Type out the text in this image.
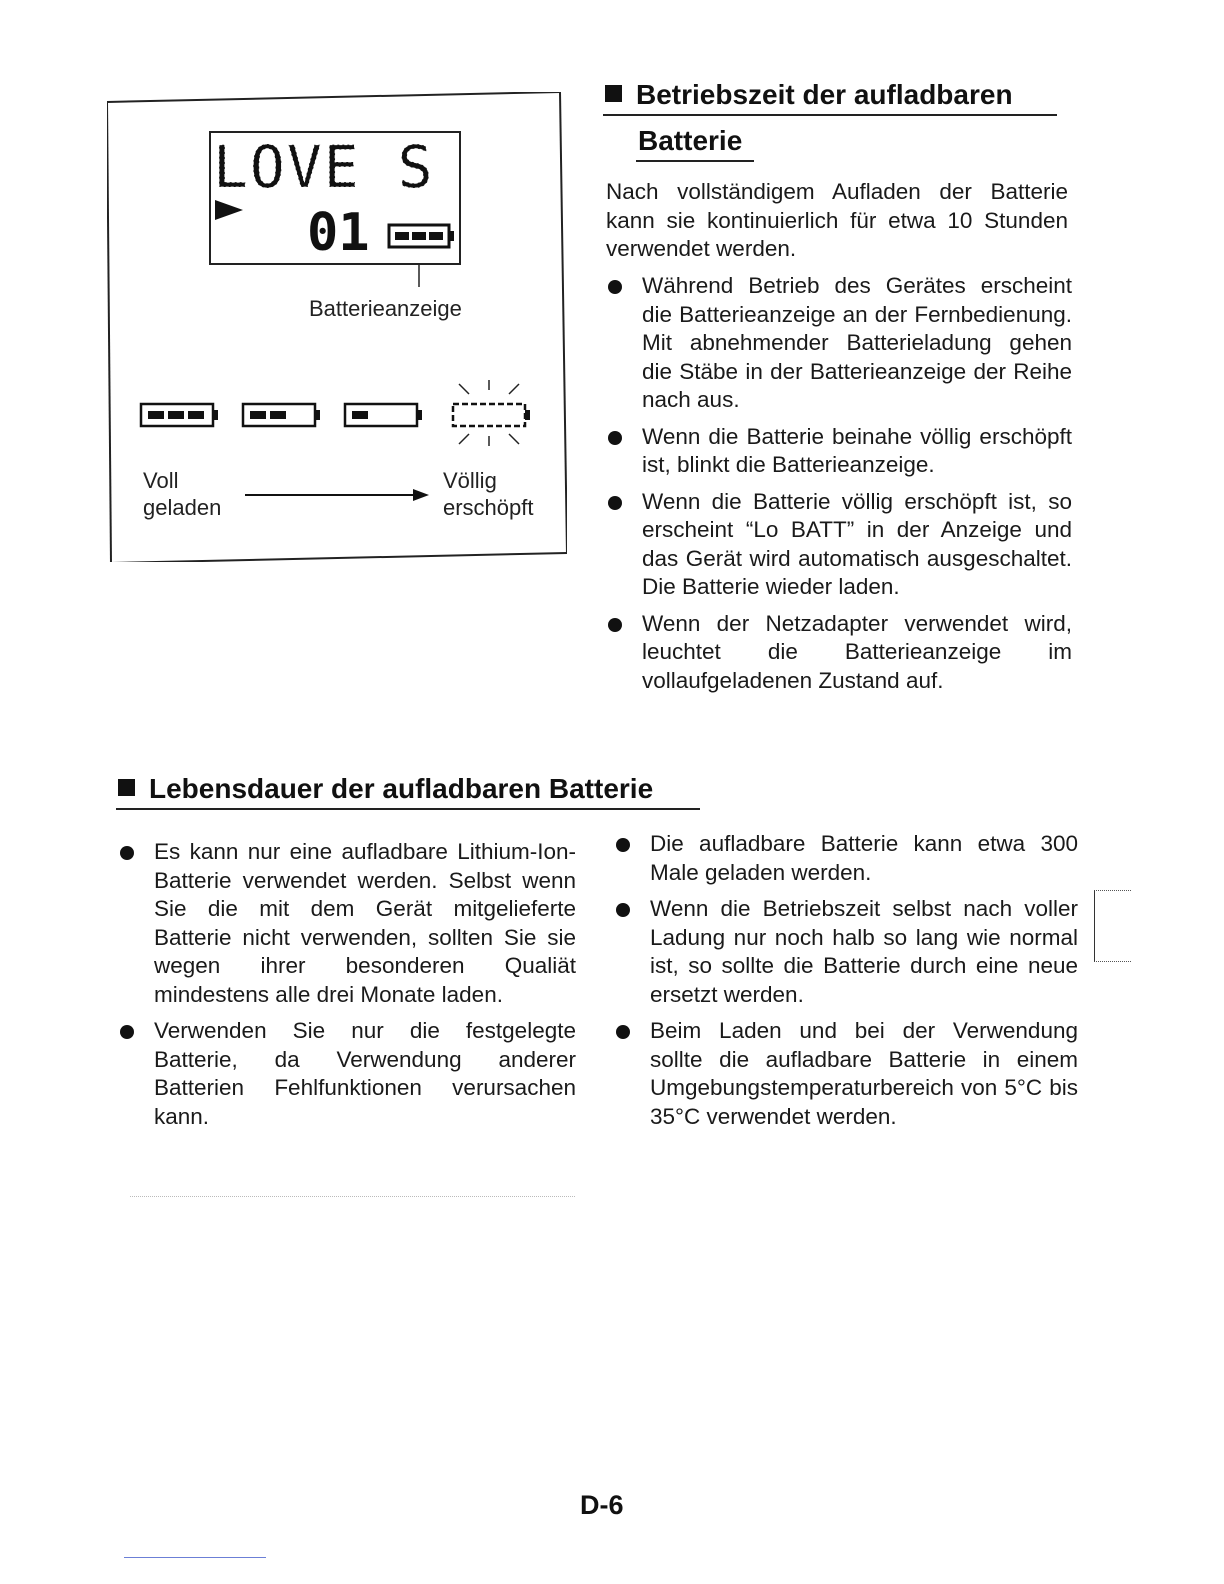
LOVE S
01
Batterieanzeige
Voll
geladen
Völlig
erschöpft
Betriebszeit der aufladbaren
Batterie
Nach vollständigem Aufladen der Batterie kann sie kontinuierlich für etwa 10 Stunden verwendet werden.
Während Betrieb des Gerätes erscheint die Batterieanzeige an der Fernbedienung. Mit abnehmender Batterieladung gehen die Stäbe in der Batterieanzeige der Reihe nach aus.
Wenn die Batterie beinahe völlig erschöpft ist, blinkt die Batterieanzeige.
Wenn die Batterie völlig erschöpft ist, so erscheint “Lo BATT” in der Anzeige und das Gerät wird automatisch ausgeschaltet. Die Batterie wieder laden.
Wenn der Netzadapter verwendet wird, leuchtet die Batterieanzeige im vollaufgeladenen Zustand auf.
Lebensdauer der aufladbaren Batterie
Es kann nur eine aufladbare Lithium-Ion-Batterie verwendet werden. Selbst wenn Sie die mit dem Gerät mitgelieferte Batterie nicht verwenden, sollten Sie sie wegen ihrer besonderen Qualiät mindestens alle drei Monate laden.
Verwenden Sie nur die festgelegte Batterie, da Verwendung anderer Batterien Fehlfunktionen verursachen kann.
Die aufladbare Batterie kann etwa 300 Male geladen werden.
Wenn die Betriebszeit selbst nach voller Ladung nur noch halb so lang wie normal ist, so sollte die Batterie durch eine neue ersetzt werden.
Beim Laden und bei der Verwendung sollte die aufladbare Batterie in einem Umgebungstemperaturbereich von 5°C bis 35°C verwendet werden.
D-6
